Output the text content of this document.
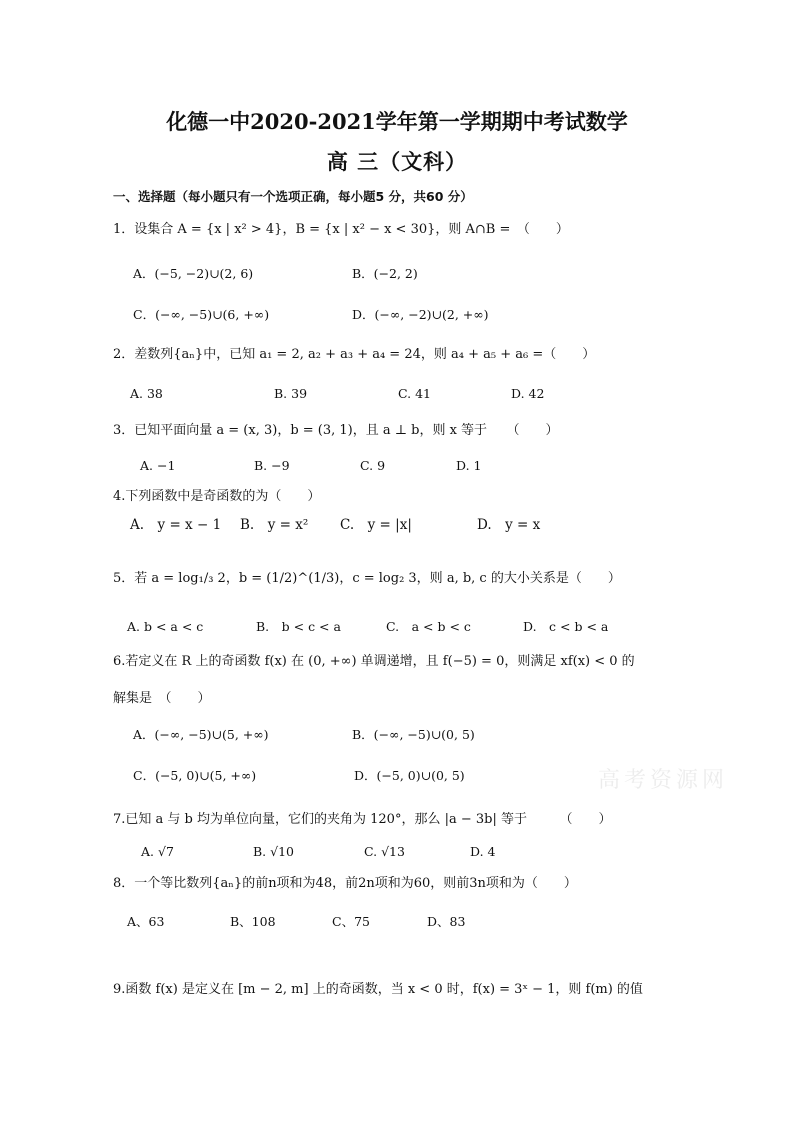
化德一中2020-2021学年第一学期期中考试数学
高 三（文科）
一、选择题（每小题只有一个选项正确，每小题5 分，共60 分）
1．设集合 A = {x | x² > 4}，B = {x | x² − x < 30}，则 A∩B =　（　　）
A．(−5, −2)∪(2, 6)	B．(−2, 2)
C．(−∞, −5)∪(6, +∞)	D．(−∞, −2)∪(2, +∞)
2．差数列{aₙ}中，已知 a₁ = 2, a₂ + a₃ + a₄ = 24，则 a₄ + a₅ + a₆ =（　　）
A. 38	B. 39	C. 41	D. 42
3．已知平面向量 a = (x, 3)，b = (3, 1)，且 a ⊥ b，则 x 等于　　（　　）
A. −1	B. −9	C. 9	D. 1
4.下列函数中是奇函数的为（　　）
A.　y = x − 1 B.　y = x² C.　y = |x|	D.　y = x
5．若 a = log₁/₃ 2，b = (1/2)^(1/3)，c = log₂ 3，则 a, b, c 的大小关系是（　　）
A. b < a < c	B.　b < c < a	C.　a < b < c	D.　c < b < a
6.若定义在 R 上的奇函数 f(x) 在 (0, +∞) 单调递增，且 f(−5) = 0，则满足 xf(x) < 0 的
解集是　（　　）
A．(−∞, −5)∪(5, +∞)	B．(−∞, −5)∪(0, 5)
C．(−5, 0)∪(5, +∞)	D．(−5, 0)∪(0, 5)	高考资源网
7.已知 a 与 b 均为单位向量，它们的夹角为 120°，那么 |a − 3b| 等于　　　（　　）
A. √7	B. √10	C. √13	D. 4
8．一个等比数列{aₙ}的前n项和为48，前2n项和为60，则前3n项和为（　　）
A、63	B、108	C、75	D、83
9.函数 f(x) 是定义在 [m − 2, m] 上的奇函数，当 x < 0 时，f(x) = 3ˣ − 1，则 f(m) 的值
